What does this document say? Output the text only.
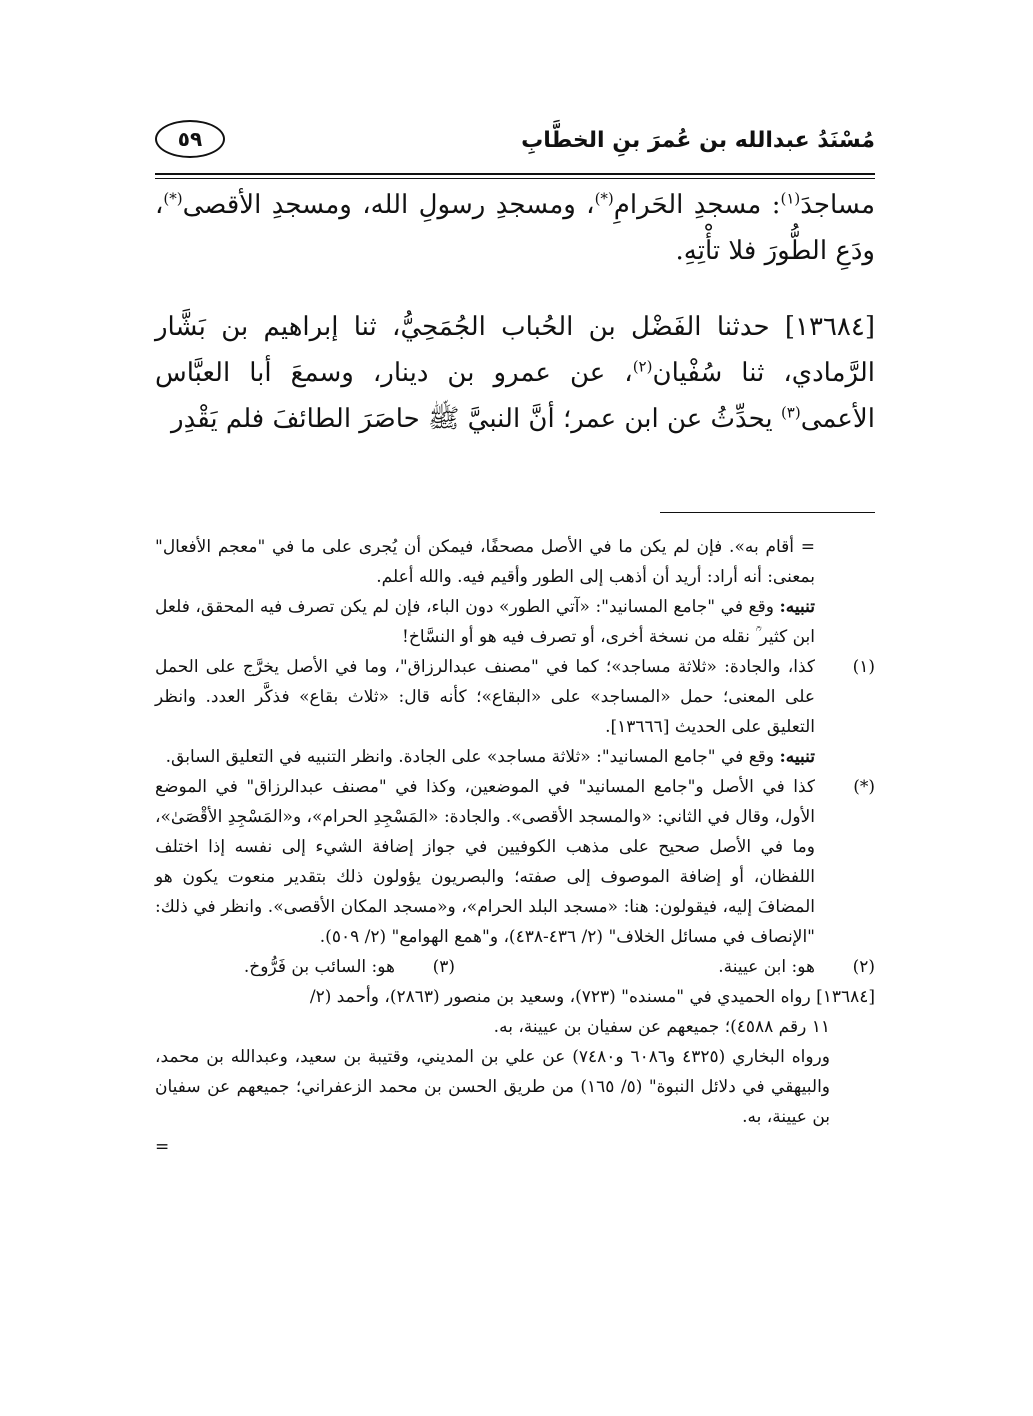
مُسْنَدُ عبدالله بن عُمرَ بنِ الخطَّابِ
٥٩

مساجدَ$^{(١)}$: مسجدِ الحَرامِ(*)، ومسجدِ رسولِ الله، ومسجدِ الأقصى(*)، ودَعِ الطُّورَ فلا تأْتِهِ.

[١٣٦٨٤] حدثنا الفَضْل بن الحُباب الجُمَحِيُّ، ثنا إبراهيم بن بَشَّار الرَّمادي، ثنا سُفْيان$^{(٢)}$، عن عمرو بن دينار، وسمعَ أبا العبَّاس الأعمى$^{(٣)}$ يحدِّثُ عن ابن عمر؛ أنَّ النبيَّ ﷺ حاصَرَ الطائفَ فلم يَقْدِر

= أقام به». فإن لم يكن ما في الأصل مصحفًا، فيمكن أن يُجرى على ما في "معجم الأفعال" بمعنى: أنه أراد: أريد أن أذهب إلى الطور وأقيم فيه. والله أعلم.

تنبيه: وقع في "جامع المسانيد": «آتي الطور» دون الباء، فإن لم يكن تصرف فيه المحقق، فلعل ابن كثير ؒ نقله من نسخة أخرى، أو تصرف فيه هو أو النسَّاخ!

(١)
كذا، والجادة: «ثلاثة مساجد»؛ كما في "مصنف عبدالرزاق"، وما في الأصل يخرَّج على الحمل على المعنى؛ حمل «المساجد» على «البقاع»؛ كأنه قال: «ثلاث بقاع» فذكَّر العدد. وانظر التعليق على الحديث [١٣٦٦٦].
تنبيه: وقع في "جامع المسانيد": «ثلاثة مساجد» على الجادة. وانظر التنبيه في التعليق السابق.
(*)
كذا في الأصل و"جامع المسانيد" في الموضعين، وكذا في "مصنف عبدالرزاق" في الموضع الأول، وقال في الثاني: «والمسجد الأقصى». والجادة: «المَسْجِدِ الحرام»، و«المَسْجِدِ الأقْصَىٰ»، وما في الأصل صحيح على مذهب الكوفيين في جواز إضافة الشيء إلى نفسه إذا اختلف اللفظان، أو إضافة الموصوف إلى صفته؛ والبصريون يؤولون ذلك بتقدير منعوت يكون هو المضافَ إليه، فيقولون: هنا: «مسجد البلد الحرام»، و«مسجد المكان الأقصى». وانظر في ذلك: "الإنصاف في مسائل الخلاف" (٢/ ٤٣٦-٤٣٨)، و"همع الهوامع" (٢/ ٥٠٩).
(٢)
هو: ابن عيينة.
(٣)
هو: السائب بن فَرُّوخ.

[١٣٦٨٤] رواه الحميدي في "مسنده" (٧٢٣)، وسعيد بن منصور (٢٨٦٣)، وأحمد (٢/

١١ رقم ٤٥٨٨)؛ جميعهم عن سفيان بن عيينة، به.

ورواه البخاري (٤٣٢٥ و٦٠٨٦ و٧٤٨٠) عن علي بن المديني، وقتيبة بن سعيد، وعبدالله بن محمد، والبيهقي في دلائل النبوة" (٥/ ١٦٥) من طريق الحسن بن محمد الزعفراني؛ جميعهم عن سفيان بن عيينة، به.

=
